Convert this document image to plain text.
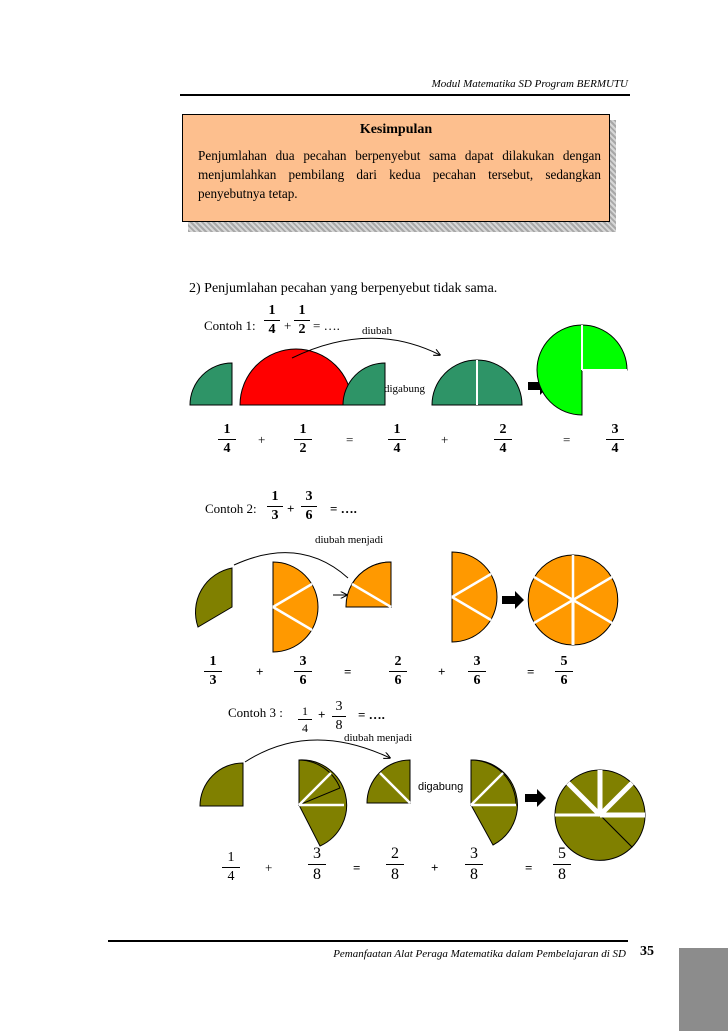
Modul Matematika SD Program BERMUTU
Kesimpulan
Penjumlahan dua pecahan berpenyebut sama dapat dilakukan dengan menjumlahkan pembilang dari kedua pecahan tersebut, sedangkan penyebutnya tetap.
2) Penjumlahan pecahan yang berpenyebut tidak sama.
Contoh 1: $\frac{1}{4} + \frac{1}{2}$ = …. diubah
digabung
$\frac{1}{4} + \frac{1}{2}$	= $\frac{1}{4}$	+	$\frac{2}{4}$	=	$\frac{3}{4}$
Contoh 2: $\frac{1}{3} + \frac{3}{6}$ = ….
diubah menjadi
$\frac{1}{3}$	+ $\frac{3}{6}$ =	$\frac{2}{6} + \frac{3}{6}$	= $\frac{5}{6}$
Contoh 3 : $\frac{1}{4} + \frac{3}{8}$ = ….
diubah menjadi
digabung
$\frac{1}{4} + \frac{3}{8} = \frac{2}{8} + \frac{3}{8}$	= $\frac{5}{8}$
Pemanfaatan Alat Peraga Matematika dalam Pembelajaran di SD 35
